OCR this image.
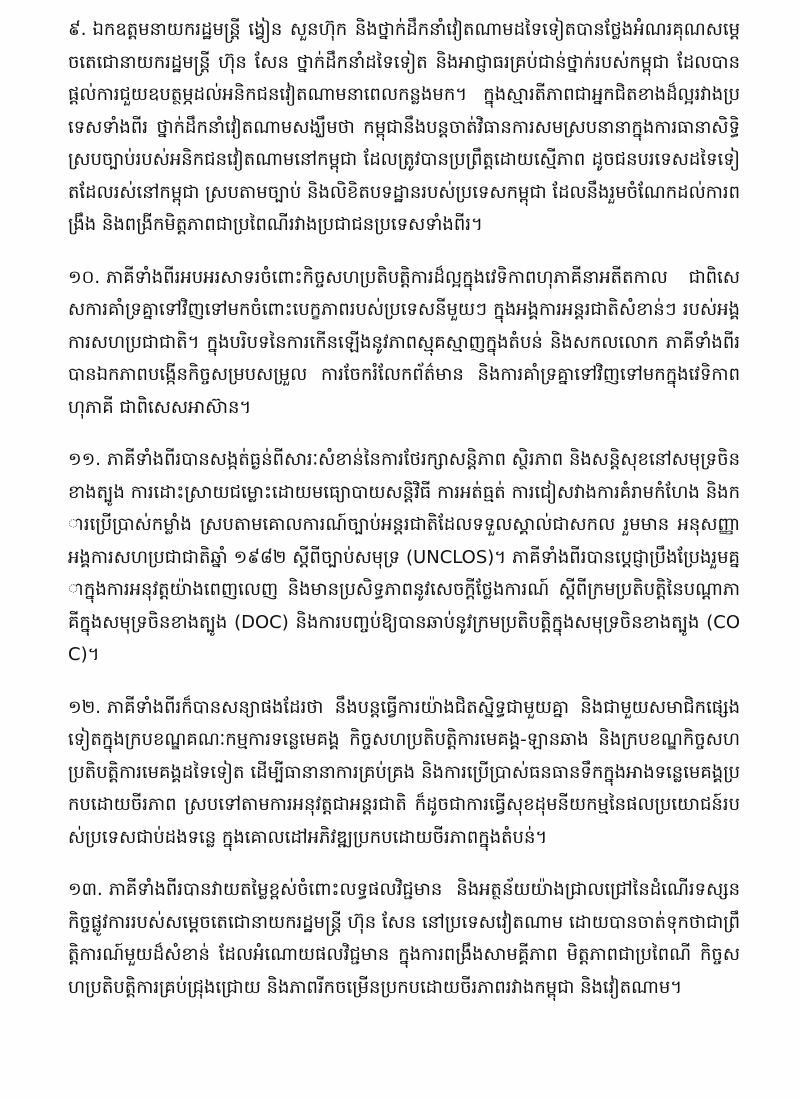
៩. ឯកឧត្តមនាយករដ្ឋមន្ត្រី ង្វៀន សួនហ៊ុក និងថ្នាក់ដឹកនាំវៀតណាមដទៃទៀតបានថ្លែងអំណរគុណសម្តេចតេជោនាយករដ្ឋមន្ត្រី ហ៊ុន សែន ថ្នាក់ដឹកនាំដទៃទៀត និងអាជ្ញាធរគ្រប់ជាន់ថ្នាក់របស់កម្ពុជា ដែលបានផ្តល់ការជួយឧបត្ថម្ភដល់អនិកជនវៀតណាមនាពេលកន្លងមក។ ក្នុងស្មារតីភាពជាអ្នកជិតខាងដ៏ល្អរវាងប្រទេសទាំងពីរ ថ្នាក់ដឹកនាំវៀតណាមសង្ឃឹមថា កម្ពុជានឹងបន្តចាត់វិធានការសមស្របនានាក្នុងការធានាសិទ្ធិស្របច្បាប់របស់អនិកជនវៀតណាមនៅកម្ពុជា ដែលត្រូវបានប្រព្រឹត្តដោយស្មើភាព ដូចជនបរទេសដទៃទៀតដែលរស់នៅកម្ពុជា ស្របតាមច្បាប់ និងលិខិតបទដ្ឋានរបស់ប្រទេសកម្ពុជា ដែលនឹងរួមចំណែកដល់ការពង្រឹង និងពង្រីកមិត្តភាពជាប្រពៃណីរវាងប្រជាជនប្រទេសទាំងពីរ។

១០. ភាគីទាំងពីរអបអរសាទរចំពោះកិច្ចសហប្រតិបត្តិការដ៏ល្អក្នុងវេទិកាពហុភាគីនាអតីតកាល ជាពិសេសការគាំទ្រគ្នាទៅវិញទៅមកចំពោះបេក្ខភាពរបស់ប្រទេសនីមួយៗ ក្នុងអង្គការអន្តរជាតិសំខាន់ៗ របស់អង្គការសហប្រជាជាតិ។ ក្នុងបរិបទនៃការកើនឡើងនូវភាពស្មុគស្មាញក្នុងតំបន់ និងសកលលោក ភាគីទាំងពីរបានឯកភាពបង្កើនកិច្ចសម្របសម្រួល ការចែករំលែកព័ត៌មាន និងការគាំទ្រគ្នាទៅវិញទៅមកក្នុងវេទិកាពហុភាគី ជាពិសេសអាស៊ាន។

១១. ភាគីទាំងពីរបានសង្កត់ធ្ងន់ពីសារៈសំខាន់នៃការថែរក្សាសន្តិភាព ស្ថិរភាព និងសន្តិសុខនៅសមុទ្រចិនខាងត្បូង ការដោះស្រាយជម្លោះដោយមធ្យោបាយសន្តិវិធី ការអត់ធ្មត់ ការជៀសវាងការគំរាមកំហែង និងការប្រើប្រាស់កម្លាំង ស្របតាមគោលការណ៍ច្បាប់អន្តរជាតិដែលទទួលស្គាល់ជាសកល រួមមាន អនុសញ្ញាអង្គការសហប្រជាជាតិឆ្នាំ ១៩៨២ ស្តីពីច្បាប់សមុទ្រ (UNCLOS)។ ភាគីទាំងពីរបានប្តេជ្ញាប្រឹងប្រែងរួមគ្នាក្នុងការអនុវត្តយ៉ាងពេញលេញ និងមានប្រសិទ្ធភាពនូវសេចក្តីថ្លែងការណ៍ ស្តីពីក្រមប្រតិបត្តិនៃបណ្តាភាគីក្នុងសមុទ្រចិនខាងត្បូង (DOC) និងការបញ្ចប់ឱ្យបានឆាប់នូវក្រមប្រតិបត្តិក្នុងសមុទ្រចិនខាងត្បូង (COC)។

១២. ភាគីទាំងពីរក៏បានសន្យាផងដែរថា នឹងបន្តធ្វើការយ៉ាងជិតស្និទ្ធជាមួយគ្នា និងជាមួយសមាជិកផ្សេងទៀតក្នុងក្របខណ្ឌគណៈកម្មការទន្លេមេគង្គ កិច្ចសហប្រតិបត្តិការមេគង្គ-ឡានឆាង និងក្របខណ្ឌកិច្ចសហប្រតិបត្តិការមេគង្គដទៃទៀត ដើម្បីធានានាការគ្រប់គ្រង និងការប្រើប្រាស់ធនធានទឹកក្នុងអាងទន្លេមេគង្គប្រកបដោយចីរភាព ស្របទៅតាមការអនុវត្តជាអន្តរជាតិ ក៏ដូចជាការធ្វើសុខដុមនីយកម្មនៃផលប្រយោជន៍របស់ប្រទេសជាប់ដងទន្លេ ក្នុងគោលដៅអភិវឌ្ឍប្រកបដោយចីរភាពក្នុងតំបន់។

១៣. ភាគីទាំងពីរបានវាយតម្លៃខ្ពស់ចំពោះលទ្ធផលវិជ្ជមាន និងអត្ថន័យយ៉ាងជ្រាលជ្រៅនៃដំណើរទស្សនកិច្ចផ្លូវការរបស់សម្តេចតេជោនាយករដ្ឋមន្ត្រី ហ៊ុន សែន នៅប្រទេសវៀតណាម ដោយបានចាត់ទុកថាជាព្រឹត្តិការណ៍មួយដ៏សំខាន់ ដែលអំណោយផលវិជ្ជមាន ក្នុងការពង្រឹងសាមគ្គីភាព មិត្តភាពជាប្រពៃណី កិច្ចសហប្រតិបត្តិការគ្រប់ជ្រុងជ្រោយ និងភាពរីកចម្រើនប្រកបដោយចីរភាពរវាងកម្ពុជា និងវៀតណាម។
